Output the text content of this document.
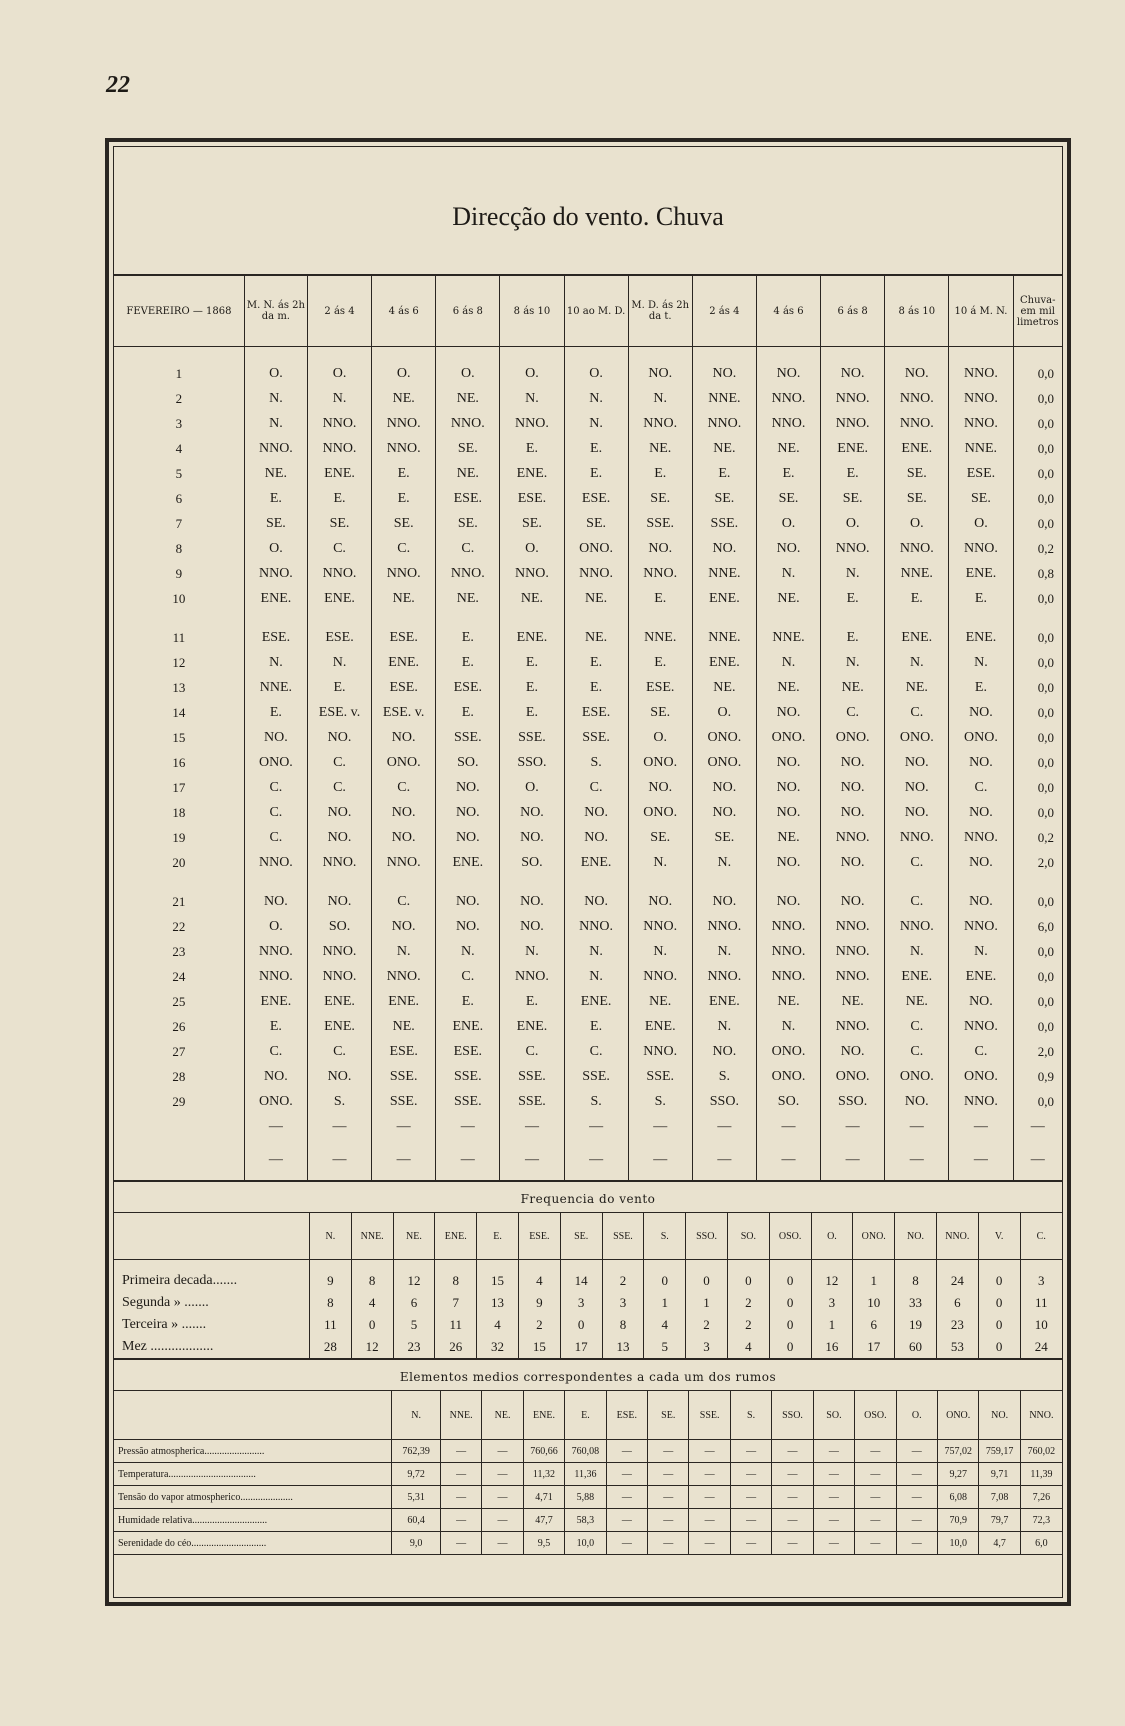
22
Direcção do vento. Chuva
FEVEREIRO — 1868	M. N. ás 2h da m.	2 ás 4	4 ás 6	6 ás 8	8 ás 10	10 ao M. D.	M. D. ás 2h da t.	2 ás 4	4 ás 6	6 ás 8	8 ás 10	10 á M. N.	Chuva- em mil limetros
1	O.	O.	O.	O.	O.	O.	NO.	NO.	NO.	NO.	NO.	NNO.	0,0
2	N.	N.	NE.	NE.	N.	N.	N.	NNE.	NNO.	NNO.	NNO.	NNO.	0,0
3	N.	NNO.	NNO.	NNO.	NNO.	N.	NNO.	NNO.	NNO.	NNO.	NNO.	NNO.	0,0
4	NNO.	NNO.	NNO.	SE.	E.	E.	NE.	NE.	NE.	ENE.	ENE.	NNE.	0,0
5	NE.	ENE.	E.	NE.	ENE.	E.	E.	E.	E.	E.	SE.	ESE.	0,0
6	E.	E.	E.	ESE.	ESE.	ESE.	SE.	SE.	SE.	SE.	SE.	SE.	0,0
7	SE.	SE.	SE.	SE.	SE.	SE.	SSE.	SSE.	O.	O.	O.	O.	0,0
8	O.	C.	C.	C.	O.	ONO.	NO.	NO.	NO.	NNO.	NNO.	NNO.	0,2
9	NNO.	NNO.	NNO.	NNO.	NNO.	NNO.	NNO.	NNE.	N.	N.	NNE.	ENE.	0,8
10	ENE.	ENE.	NE.	NE.	NE.	NE.	E.	ENE.	NE.	E.	E.	E.	0,0
11	ESE.	ESE.	ESE.	E.	ENE.	NE.	NNE.	NNE.	NNE.	E.	ENE.	ENE.	0,0
12	N.	N.	ENE.	E.	E.	E.	E.	ENE.	N.	N.	N.	N.	0,0
13	NNE.	E.	ESE.	ESE.	E.	E.	ESE.	NE.	NE.	NE.	NE.	E.	0,0
14	E.	ESE. v.	ESE. v.	E.	E.	ESE.	SE.	O.	NO.	C.	C.	NO.	0,0
15	NO.	NO.	NO.	SSE.	SSE.	SSE.	O.	ONO.	ONO.	ONO.	ONO.	ONO.	0,0
16	ONO.	C.	ONO.	SO.	SSO.	S.	ONO.	ONO.	NO.	NO.	NO.	NO.	0,0
17	C.	C.	C.	NO.	O.	C.	NO.	NO.	NO.	NO.	NO.	C.	0,0
18	C.	NO.	NO.	NO.	NO.	NO.	ONO.	NO.	NO.	NO.	NO.	NO.	0,0
19	C.	NO.	NO.	NO.	NO.	NO.	SE.	SE.	NE.	NNO.	NNO.	NNO.	0,2
20	NNO.	NNO.	NNO.	ENE.	SO.	ENE.	N.	N.	NO.	NO.	C.	NO.	2,0
21	NO.	NO.	C.	NO.	NO.	NO.	NO.	NO.	NO.	NO.	C.	NO.	0,0
22	O.	SO.	NO.	NO.	NO.	NNO.	NNO.	NNO.	NNO.	NNO.	NNO.	NNO.	6,0
23	NNO.	NNO.	N.	N.	N.	N.	N.	N.	NNO.	NNO.	N.	N.	0,0
24	NNO.	NNO.	NNO.	C.	NNO.	N.	NNO.	NNO.	NNO.	NNO.	ENE.	ENE.	0,0
25	ENE.	ENE.	ENE.	E.	E.	ENE.	NE.	ENE.	NE.	NE.	NE.	NO.	0,0
26	E.	ENE.	NE.	ENE.	ENE.	E.	ENE.	N.	N.	NNO.	C.	NNO.	0,0
27	C.	C.	ESE.	ESE.	C.	C.	NNO.	NO.	ONO.	NO.	C.	C.	2,0
28	NO.	NO.	SSE.	SSE.	SSE.	SSE.	SSE.	S.	ONO.	ONO.	ONO.	ONO.	0,9
29	ONO.	S.	SSE.	SSE.	SSE.	S.	S.	SSO.	SO.	SSO.	NO.	NNO.	0,0
	—	—	—	—	—	—	—	—	—	—	—	—	—
	—	—	—	—	—	—	—	—	—	—	—	—	—
Frequencia do vento
	N.	NNE.	NE.	ENE.	E.	ESE.	SE.	SSE.	S.	SSO.	SO.	OSO.	O.	ONO.	NO.	NNO.	V.	C.
Primeira decada.......	9	8	12	8	15	4	14	2	0	0	0	0	12	1	8	24	0	3
Segunda » .......	8	4	6	7	13	9	3	3	1	1	2	0	3	10	33	6	0	11
Terceira » .......	11	0	5	11	4	2	0	8	4	2	2	0	1	6	19	23	0	10
Mez ..................	28	12	23	26	32	15	17	13	5	3	4	0	16	17	60	53	0	24
Elementos medios correspondentes a cada um dos rumos
	N.	NNE.	NE.	ENE.	E.	ESE.	SE.	SSE.	S.	SSO.	SO.	OSO.	O.	ONO.	NO.	NNO.
Pressão atmospherica........................	762,39	—	—	760,66	760,08	—	—	—	—	—	—	—	—	757,02	759,17	760,02
Temperatura...................................	9,72	—	—	11,32	11,36	—	—	—	—	—	—	—	—	9,27	9,71	11,39
Tensão do vapor atmospherico.....................	5,31	—	—	4,71	5,88	—	—	—	—	—	—	—	—	6,08	7,08	7,26
Humidade relativa..............................	60,4	—	—	47,7	58,3	—	—	—	—	—	—	—	—	70,9	79,7	72,3
Serenidade do céo..............................	9,0	—	—	9,5	10,0	—	—	—	—	—	—	—	—	10,0	4,7	6,0
